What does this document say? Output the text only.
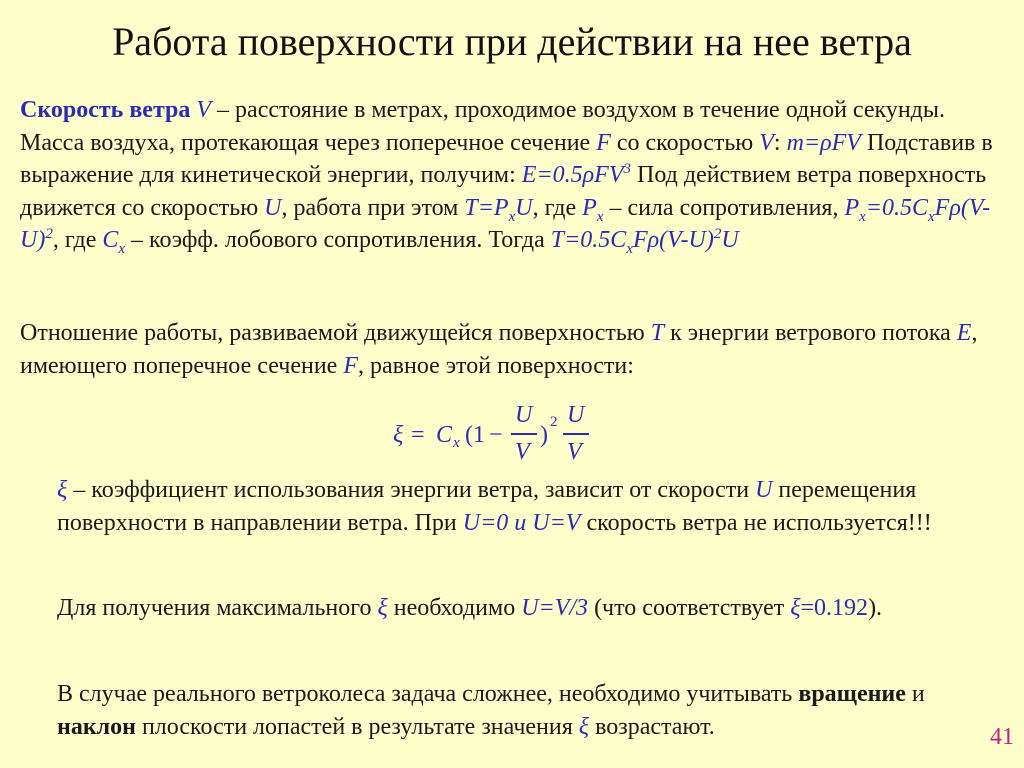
Работа поверхности при действии на нее ветра
Скорость ветра V – расстояние в метрах, проходимое воздухом в течение одной секунды. Масса воздуха, протекающая через поперечное сечение F со скоростью V: m=ρFV Подставив в выражение для кинетической энергии, получим: E=0.5ρFV$^3$ Под действием ветра поверхность движется со скоростью U, работа при этом $T=P_xU$, где $P_x$ – сила сопротивления, $P_x=0.5C_xF\rho(V-U)^2$, где $C_x$ – коэфф. лобового сопротивления. Тогда $T=0.5C_xF\rho(V-U)^2U$
Отношение работы, развиваемой движущейся поверхностью T к энергии ветрового потока E, имеющего поперечное сечение F, равное этой поверхности:
ξ = C x (1 −
U
V
) 2 U
V
ξ – коэффициент использования энергии ветра, зависит от скорости U перемещения поверхности в направлении ветра. При U=0 и U=V скорость ветра не используется!!!
Для получения максимального ξ необходимо U=V/3 (что соответствует ξ=0.192).
В случае реального ветроколеса задача сложнее, необходимо учитывать вращение и наклон плоскости лопастей в результате значения ξ возрастают.	41
